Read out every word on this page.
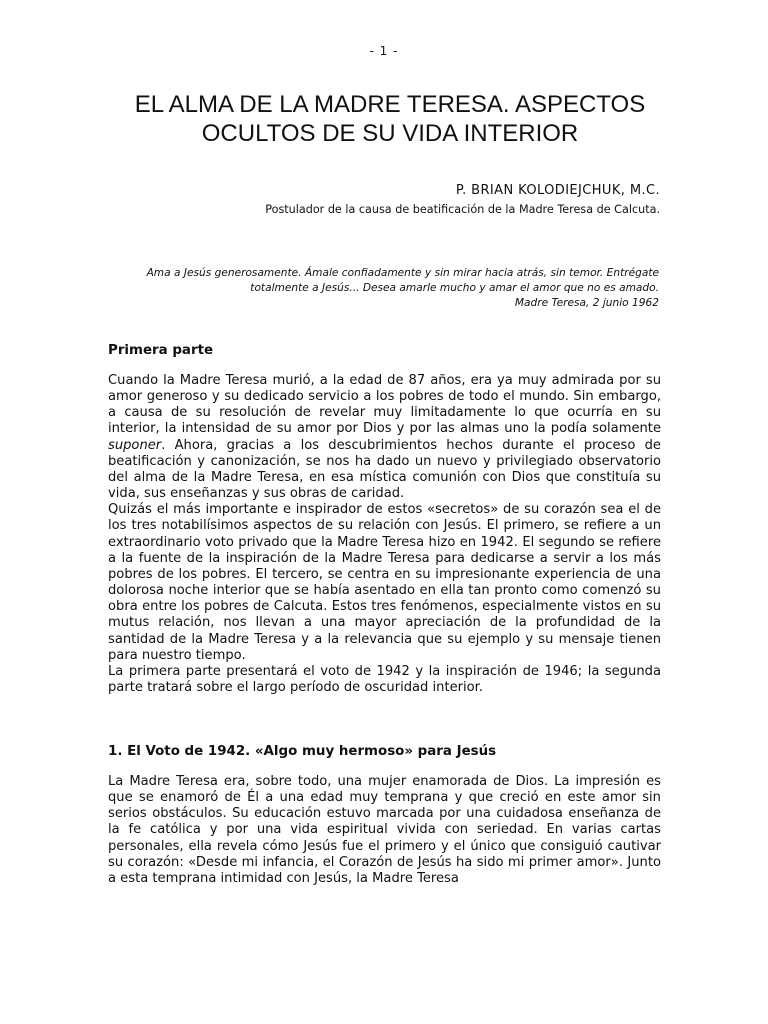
- 1 -
EL ALMA DE LA MADRE TERESA. ASPECTOS OCULTOS DE SU VIDA INTERIOR
P. BRIAN KOLODIEJCHUK, M.C.
Postulador de la causa de beatificación de la Madre Teresa de Calcuta.
Ama a Jesús generosamente. Ámale confiadamente y sin mirar hacia atrás, sin temor. Entrégate
totalmente a Jesús... Desea amarle mucho y amar el amor que no es amado.
Madre Teresa, 2 junio 1962
Primera parte

Cuando la Madre Teresa murió, a la edad de 87 años, era ya muy admirada por su amor generoso y su dedicado servicio a los pobres de todo el mundo. Sin embargo, a causa de su resolución de revelar muy limitadamente lo que ocurría en su interior, la intensidad de su amor por Dios y por las almas uno la podía solamente suponer. Ahora, gracias a los descubrimientos hechos durante el proceso de beatificación y canonización, se nos ha dado un nuevo y privilegiado observatorio del alma de la Madre Teresa, en esa mística comunión con Dios que constituía su vida, sus enseñanzas y sus obras de caridad.

Quizás el más importante e inspirador de estos «secretos» de su corazón sea el de los tres notabilísimos aspectos de su relación con Jesús. El primero, se refiere a un extraordinario voto privado que la Madre Teresa hizo en 1942. El segundo se refiere a la fuente de la inspiración de la Madre Teresa para dedicarse a servir a los más pobres de los pobres. El tercero, se centra en su impresionante experiencia de una dolorosa noche interior que se había asentado en ella tan pronto como comenzó su obra entre los pobres de Calcuta. Estos tres fenómenos, especialmente vistos en su mutus relación, nos llevan a una mayor apreciación de la profundidad de la santidad de la Madre Teresa y a la relevancia que su ejemplo y su mensaje tienen para nuestro tiempo.

La primera parte presentará el voto de 1942 y la inspiración de 1946; la segunda parte tratará sobre el largo período de oscuridad interior.

1. El Voto de 1942. «Algo muy hermoso» para Jesús

La Madre Teresa era, sobre todo, una mujer enamorada de Dios. La impresión es que se enamoró de Él a una edad muy temprana y que creció en este amor sin serios obstáculos. Su educación estuvo marcada por una cuidadosa enseñanza de la fe católica y por una vida espiritual vivida con seriedad. En varias cartas personales, ella revela cómo Jesús fue el primero y el único que consiguió cautivar su corazón: «Desde mi infancia, el Corazón de Jesús ha sido mi primer amor». Junto a esta temprana intimidad con Jesús, la Madre Teresa
